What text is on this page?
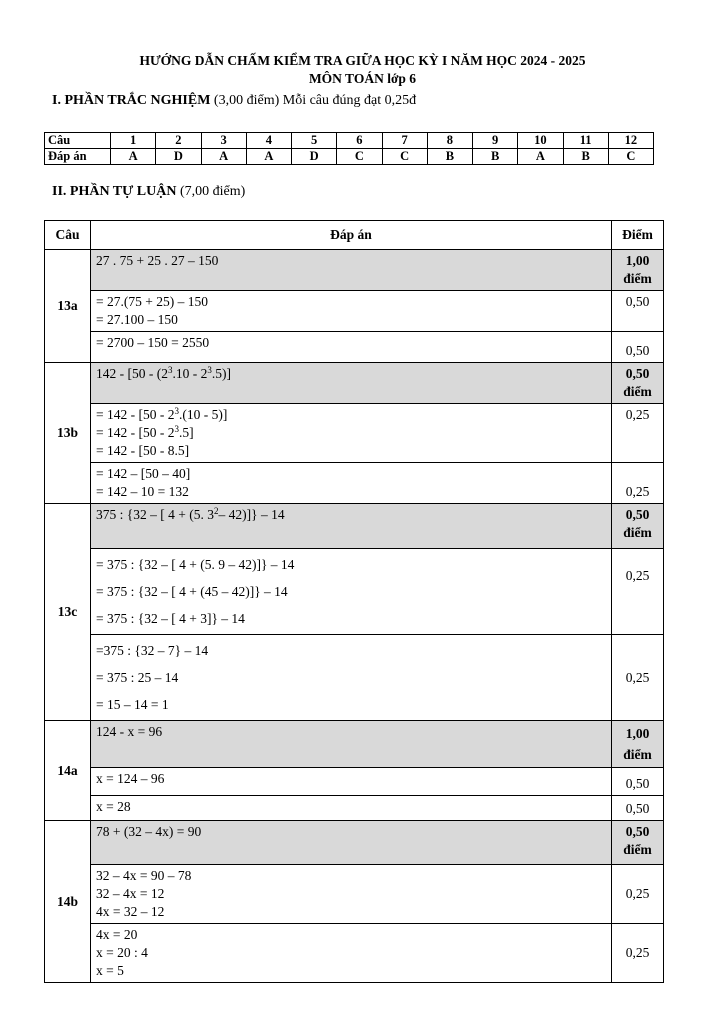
HƯỚNG DẪN CHẤM KIỂM TRA GIỮA HỌC KỲ I NĂM HỌC 2024 - 2025
MÔN TOÁN lớp 6
I. PHẦN TRẮC NGHIỆM (3,00 điểm) Mỗi câu đúng đạt 0,25đ
Câu	1	2	3	4	5	6	7	8	9	10	11	12
Đáp án	A	D	A	A	D	C	C	B	B	A	B	C
II. PHẦN TỰ LUẬN (7,00 điểm)
Câu	Đáp án	Điểm
13a	27 . 75 + 25 . 27 – 150	1,00 điểm

	= 27.(75 + 25) – 150
= 27.100 – 150	0,50

	= 2700 – 150 = 2550	0,50
13b	$142 - [50 - (2^3.10 - 2^3.5)]$	0,50 điểm

	= $142 - [50 - 2^3.(10 - 5)]$
= $142 - [50 - 2^3.5]$
= 142 - [50 - 8.5]	0,25

	= 142 – [50 – 40]
= 142 – 10 = 132	0,25
13c	375 : {32 – [ 4 + (5. $3^2-$ 42)]} – 14	0,50 điểm

	= 375 : {32 – [ 4 + (5. 9 – 42)]} – 14
= 375 : {32 – [ 4 + (45 – 42)]} – 14
= 375 : {32 – [ 4 + 3]} – 14	0,25

	=375 : {32 – 7} – 14
= 375 : 25 – 14
= 15 – 14 = 1	0,25
14a	124 - x = 96	1,00 điểm

	x = 124 – 96	0,50

	x = 28	0,50
14b	78 + (32 – 4x) = 90	0,50 điểm

	32 – 4x = 90 – 78
32 – 4x = 12
4x = 32 – 12	0,25

	4x = 20
x = 20 : 4
x = 5	0,25
